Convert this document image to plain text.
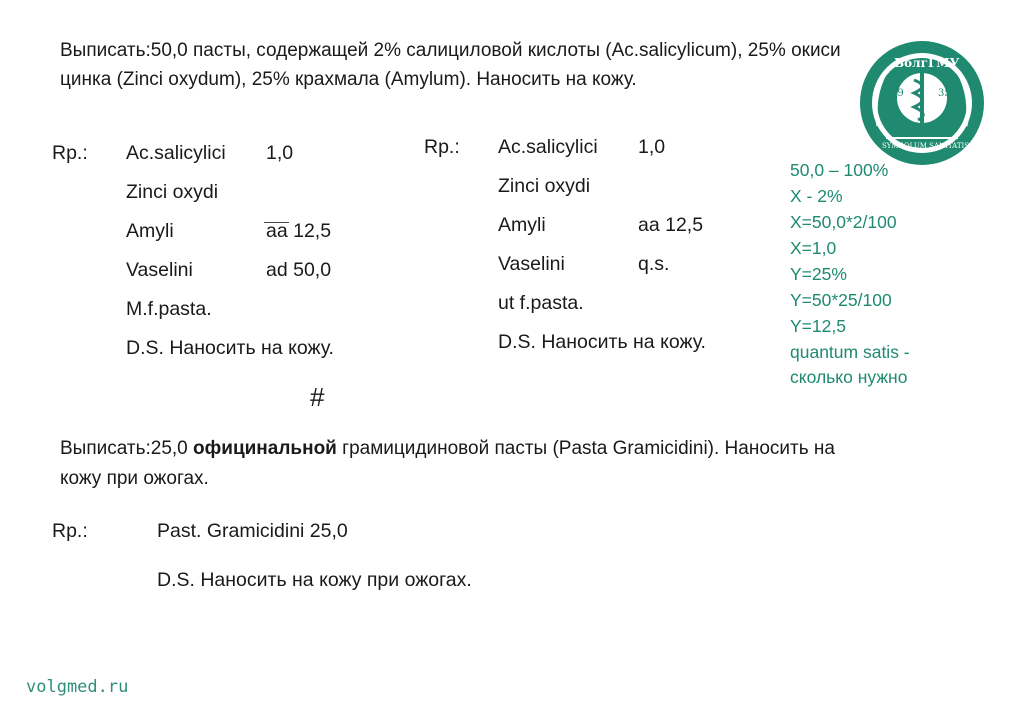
Выписать:50,0 пасты, содержащей 2% салициловой кислоты (Ac.salicylicum), 25% окиси
цинка (Zinci oxydum), 25% крахмала (Amylum). Наносить на кожу.
ВолгГМУ
19	35
SYMBOLUM SANITATIS
Rp.: Ac.salicylici 1,0
Zinci oxydi
Amyli	aa 12,5
Vaselini	ad 50,0
M.f.pasta.
D.S. Наносить на кожу.
Rp.: Ac.salicylici 1,0
Zinci oxydi
Amyli	aa 12,5
Vaselini	q.s.
ut f.pasta.
D.S. Наносить на кожу.
50,0 – 100%
X - 2%
X=50,0*2/100
X=1,0
Y=25%
Y=50*25/100
Y=12,5
quantum satis -
сколько нужно
#
Выписать:25,0 официнальной грамицидиновой пасты (Pasta Gramicidini). Наносить на
кожу при ожогах.
Rp.:	Past. Gramicidini 25,0
D.S. Наносить на кожу при ожогах.
volgmed.ru
